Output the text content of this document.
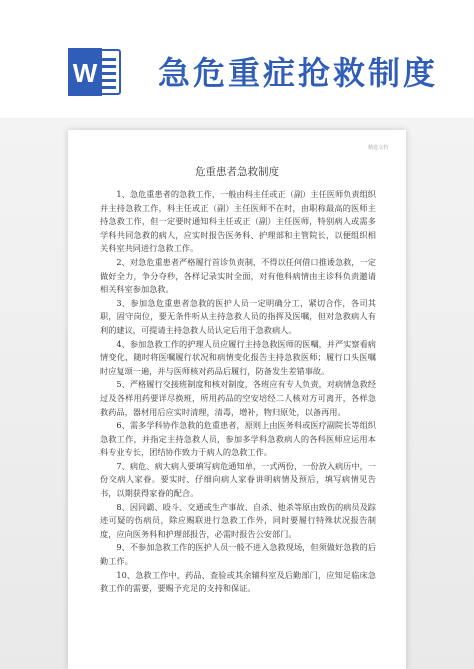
W 急危重症抢救制度
精选文档
危重患者急救制度

1、急危重患者的急救工作，一般由科主任或正（副）主任医师负责组织并主持急救工作，科主任或正（副）主任医师不在时，由职称最高的医师主持急救工作，但一定要时通知科主任或正（副）主任医师，特别病人或需多学科共同急救的病人，应实时报告医务科、护理部和主管院长，以便组织相关科室共同进行急救工作。

2、对急危重患者严格履行首诊负责制，不得以任何借口推诿急救，一定做好全力，争分夺秒，各样记录实时全面，对有他科病情由主诊科负责邀请相关科室参加急救。

3、参加急危重患者急救的医护人员一定明确分工，紧切合作，各司其职，固守岗位，要无条件听从主持急救人员的指挥及医嘱，但对急救病人有利的建议，可提请主持急救人员认定后用于急救病人。

4、参加急救工作的护理人员应履行主持急救医师的医嘱，并严实察看病情变化，随时将医嘱履行状况和病情变化报告主持急救医师；履行口头医嘱时应复颂一遍，并与医师核对药品后履行，防备发生差错事故。

5、严格履行交接班制度和核对制度，各班应有专人负责，对病情急救经过及各样用药要详尽换班，所用药品的空安培经二人核对方可离开，各样急救药品，器材用后应实时清理，清毒，增补，物归原处，以备再用。

6、需多学科协作急救的危重患者，原则上由医务科或医疗副院长等组织急救工作，并指定主持急救人员，参加多学科急救病人的各科医师应运用本科专业专长，团结协作致力于病人的急救工作。

7、病危、病大病人要填写病危通知单，一式两份，一份放入病历中，一份交病人家眷。要实时、仔细向病人家眷讲明病情及预后，填写病情见告书，以期获得家眷的配合。

8、因同霸、殴斗、交通或生产事故、自杀、他杀等原由致伤的病员及踪迹可疑的伤病员，除应赐联进行急救工作外，同时要履行特殊状况报告制度，应向医务科和护理部报告，必需时报告公安部门。

9、不参加急救工作的医护人员一般不进入急救现场，但须做好急救的后勤工作。

10、急救工作中，药品、查验或其余辅科室及后勤部门，应知足临床急救工作的需要，要赐予充足的支持和保证。
